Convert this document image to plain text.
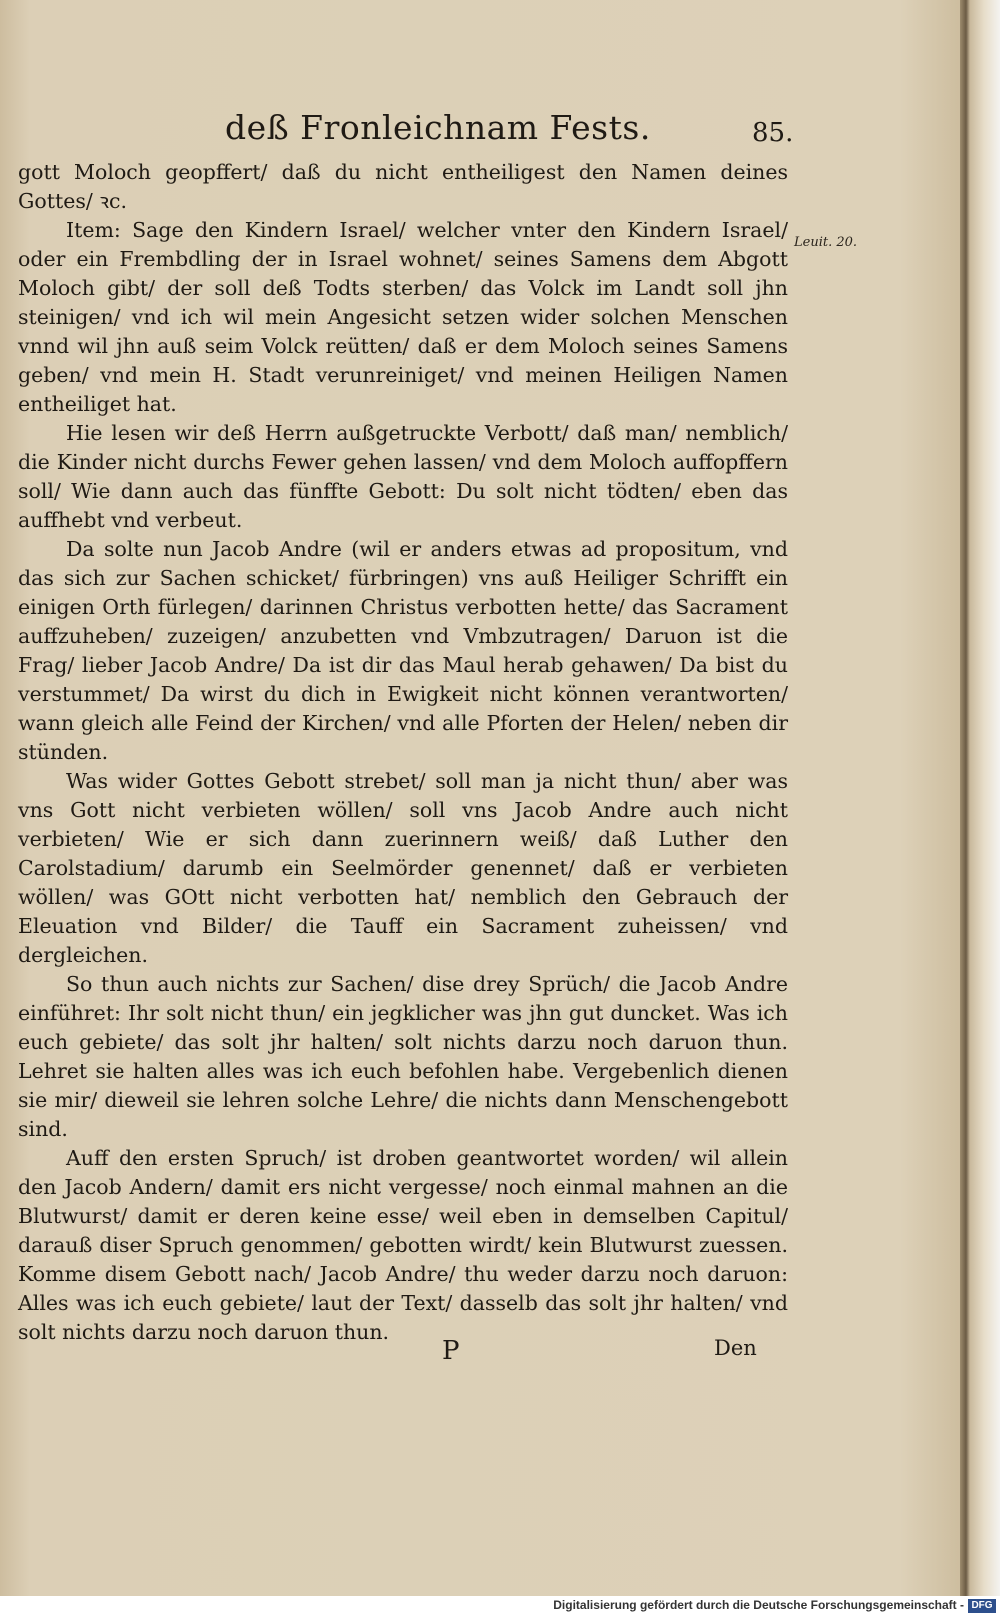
deß Fronleichnam Fests.	85.
Leuit. 20.

gott Moloch geopffert/ daß du nicht entheiligest den Namen deines Gottes/ ꝛc.

Item: Sage den Kindern Israel/ welcher vnter den Kindern Israel/ oder ein Frembdling der in Israel wohnet/ seines Samens dem Abgott Moloch gibt/ der soll deß Todts sterben/ das Volck im Landt soll jhn steinigen/ vnd ich wil mein Angesicht setzen wider solchen Menschen vnnd wil jhn auß seim Volck reütten/ daß er dem Moloch seines Samens geben/ vnd mein H. Stadt verunreiniget/ vnd meinen Heiligen Namen entheiliget hat.

Hie lesen wir deß Herrn außgetruckte Verbott/ daß man/ nemblich/ die Kinder nicht durchs Fewer gehen lassen/ vnd dem Moloch auffopffern soll/ Wie dann auch das fünffte Gebott: Du solt nicht tödten/ eben das auffhebt vnd verbeut.

Da solte nun Jacob Andre (wil er anders etwas ad propositum, vnd das sich zur Sachen schicket/ fürbringen) vns auß Heiliger Schrifft ein einigen Orth fürlegen/ darinnen Christus verbotten hette/ das Sacrament auffzuheben/ zuzeigen/ anzubetten vnd Vmbzutragen/ Daruon ist die Frag/ lieber Jacob Andre/ Da ist dir das Maul herab gehawen/ Da bist du verstummet/ Da wirst du dich in Ewigkeit nicht können verantworten/ wann gleich alle Feind der Kirchen/ vnd alle Pforten der Helen/ neben dir stünden.

Was wider Gottes Gebott strebet/ soll man ja nicht thun/ aber was vns Gott nicht verbieten wöllen/ soll vns Jacob Andre auch nicht verbieten/ Wie er sich dann zuerinnern weiß/ daß Luther den Carolstadium/ darumb ein Seelmörder genennet/ daß er verbieten wöllen/ was GOtt nicht verbotten hat/ nemblich den Gebrauch der Eleuation vnd Bilder/ die Tauff ein Sacrament zuheissen/ vnd dergleichen.

So thun auch nichts zur Sachen/ dise drey Sprüch/ die Jacob Andre einführet: Ihr solt nicht thun/ ein jegklicher was jhn gut duncket. Was ich euch gebiete/ das solt jhr halten/ solt nichts darzu noch daruon thun. Lehret sie halten alles was ich euch befohlen habe. Vergebenlich dienen sie mir/ dieweil sie lehren solche Lehre/ die nichts dann Menschengebott sind.

Auff den ersten Spruch/ ist droben geantwortet worden/ wil allein den Jacob Andern/ damit ers nicht vergesse/ noch einmal mahnen an die Blutwurst/ damit er deren keine esse/ weil eben in demselben Capitul/ darauß diser Spruch genommen/ gebotten wirdt/ kein Blutwurst zuessen. Komme disem Gebott nach/ Jacob Andre/ thu weder darzu noch daruon: Alles was ich euch gebiete/ laut der Text/ dasselb das solt jhr halten/ vnd solt nichts darzu noch daruon thun.

P	Den
Digitalisierung gefördert durch die Deutsche Forschungsgemeinschaft - DFG
